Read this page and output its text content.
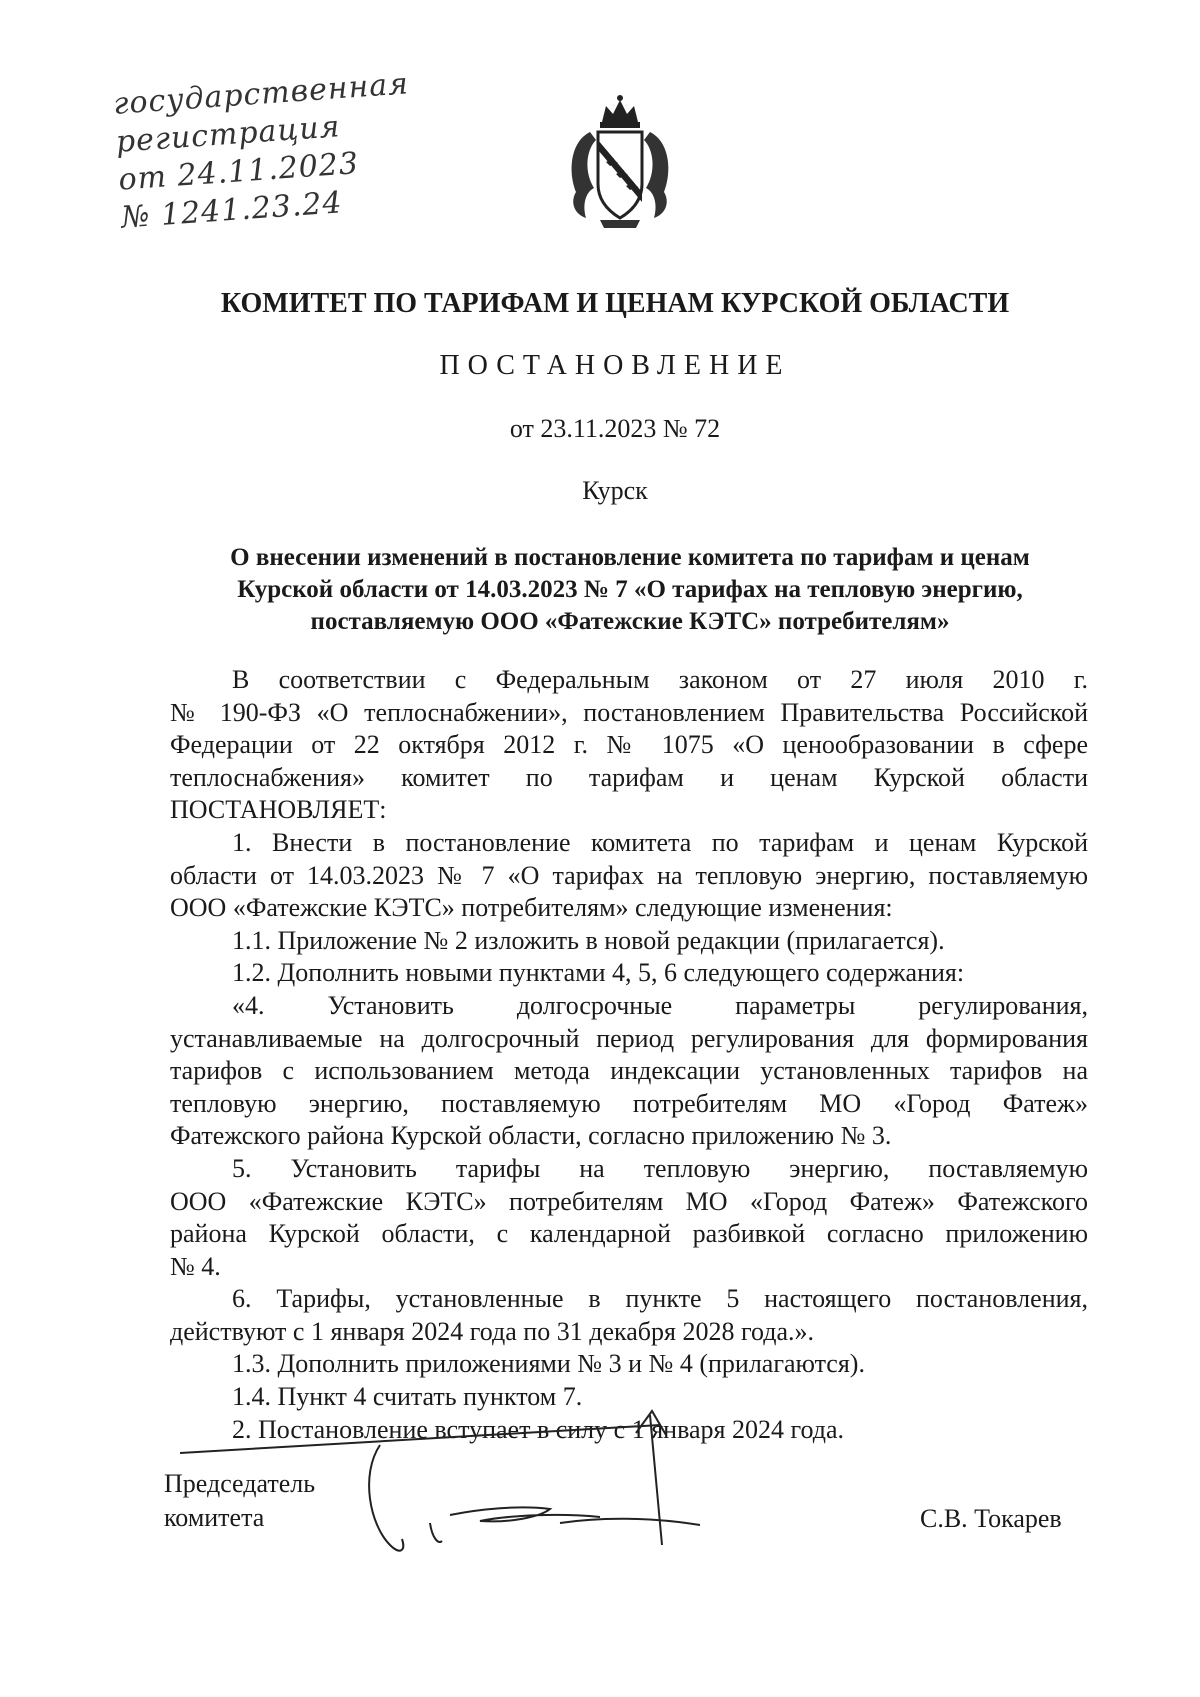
государственная
регистрация
от 24.11.2023
№ 1241.23.24
КОМИТЕТ ПО ТАРИФАМ И ЦЕНАМ КУРСКОЙ ОБЛАСТИ
ПОСТАНОВЛЕНИЕ
от 23.11.2023 № 72
Курск
О внесении изменений в постановление комитета по тарифам и ценам
Курской области от 14.03.2023 № 7 «О тарифах на тепловую энергию,
поставляемую ООО «Фатежские КЭТС» потребителям»
В соответствии с Федеральным законом от 27 июля 2010 г.
№ 190-ФЗ «О теплоснабжении», постановлением Правительства Российской
Федерации от 22 октября 2012 г. № 1075 «О ценообразовании в сфере
теплоснабжения» комитет по тарифам и ценам Курской области
ПОСТАНОВЛЯЕТ:
1. Внести в постановление комитета по тарифам и ценам Курской
области от 14.03.2023 № 7 «О тарифах на тепловую энергию, поставляемую
ООО «Фатежские КЭТС» потребителям» следующие изменения:
1.1. Приложение № 2 изложить в новой редакции (прилагается).
1.2. Дополнить новыми пунктами 4, 5, 6 следующего содержания:
«4. Установить долгосрочные параметры регулирования,
устанавливаемые на долгосрочный период регулирования для формирования
тарифов с использованием метода индексации установленных тарифов на
тепловую энергию, поставляемую потребителям МО «Город Фатеж»
Фатежского района Курской области, согласно приложению № 3.
5. Установить тарифы на тепловую энергию, поставляемую
ООО «Фатежские КЭТС» потребителям МО «Город Фатеж» Фатежского
района Курской области, с календарной разбивкой согласно приложению
№ 4.
6. Тарифы, установленные в пункте 5 настоящего постановления,
действуют с 1 января 2024 года по 31 декабря 2028 года.».
1.3. Дополнить приложениями № 3 и № 4 (прилагаются).
1.4. Пункт 4 считать пунктом 7.
2. Постановление вступает в силу с 1 января 2024 года.
Председатель
комитета	С.В. Токарев
